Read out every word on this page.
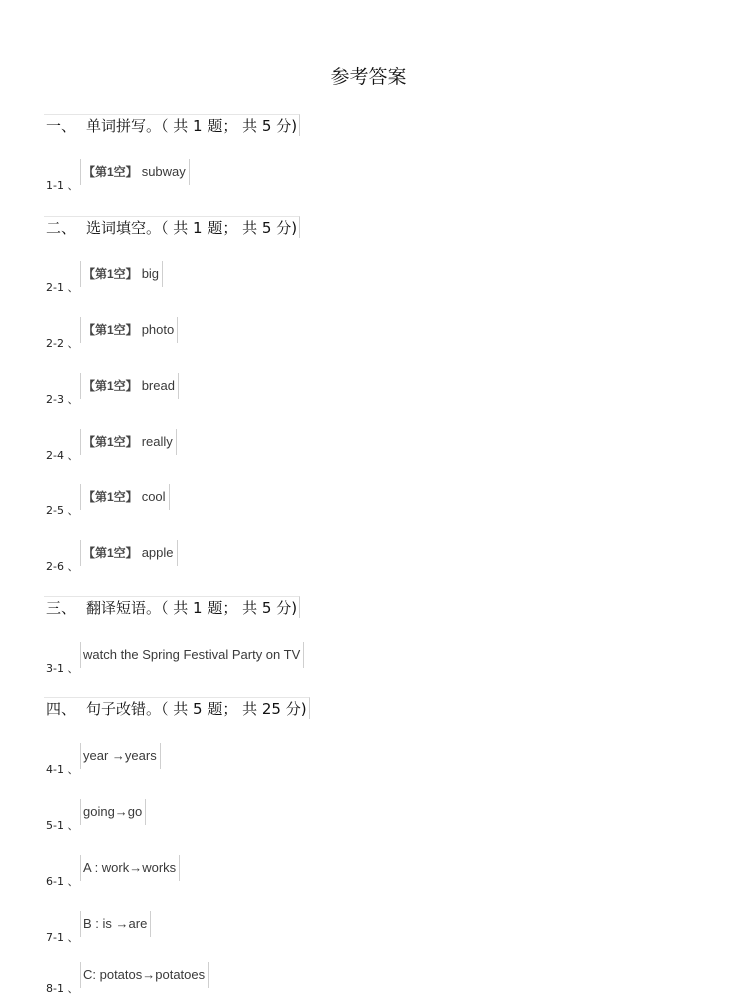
参考答案
一、 单词拼写。（ 共 1 题； 共 5 分)
1-1 、
【第1空】 subway
二、 选词填空。（ 共 1 题； 共 5 分)
2-1 、
【第1空】 big
2-2 、
【第1空】 photo
2-3 、
【第1空】 bread
2-4 、
【第1空】 really
2-5 、
【第1空】 cool
2-6 、
【第1空】 apple
三、 翻译短语。（ 共 1 题； 共 5 分)
3-1 、
watch the Spring Festival Party on TV
四、 句子改错。（ 共 5 题； 共 25 分)
4-1 、
year →years
5-1 、
going→go
6-1 、
A : work→works
7-1 、
B : is →are
8-1 、
C: potatos→potatoes
